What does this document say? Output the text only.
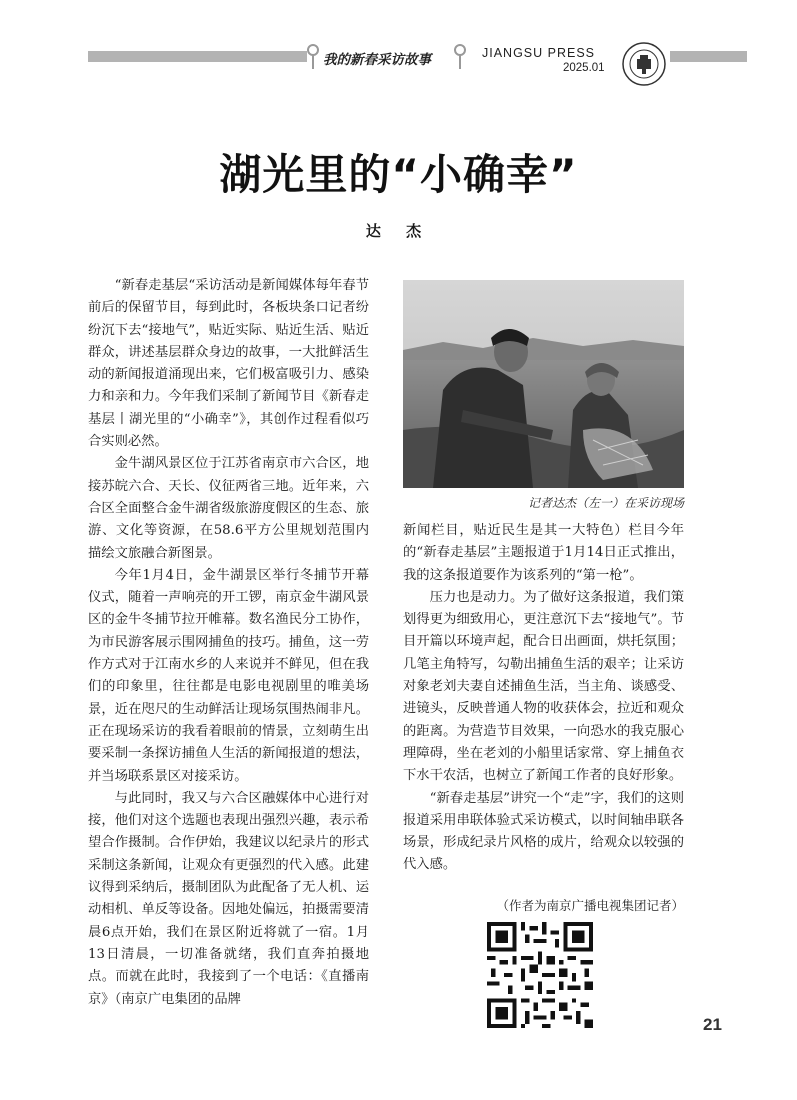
我的新春采访故事	JIANGSU PRESS
2025.01
湖光里的“小确幸”
达 杰

“新春走基层“采访活动是新闻媒体每年春节前后的保留节目，每到此时，各板块条口记者纷纷沉下去“接地气”，贴近实际、贴近生活、贴近群众，讲述基层群众身边的故事，一大批鲜活生动的新闻报道涌现出来，它们极富吸引力、感染力和亲和力。今年我们采制了新闻节目《新春走基层丨湖光里的“小确幸”》，其创作过程看似巧合实则必然。

金牛湖风景区位于江苏省南京市六合区，地接苏皖六合、天长、仪征两省三地。近年来，六合区全面整合金牛湖省级旅游度假区的生态、旅游、文化等资源，在58.6平方公里规划范围内描绘文旅融合新图景。

今年1月4日，金牛湖景区举行冬捕节开幕仪式，随着一声响亮的开工锣，南京金牛湖风景区的金牛冬捕节拉开帷幕。数名渔民分工协作，为市民游客展示围网捕鱼的技巧。捕鱼，这一劳作方式对于江南水乡的人来说并不鲜见，但在我们的印象里，往往都是电影电视剧里的唯美场景，近在咫尺的生动鲜活让现场氛围热闹非凡。正在现场采访的我看着眼前的情景，立刻萌生出要采制一条探访捕鱼人生活的新闻报道的想法，并当场联系景区对接采访。

与此同时，我又与六合区融媒体中心进行对接，他们对这个选题也表现出强烈兴趣，表示希望合作摄制。合作伊始，我建议以纪录片的形式采制这条新闻，让观众有更强烈的代入感。此建议得到采纳后，摄制团队为此配备了无人机、运动相机、单反等设备。因地处偏远，拍摄需要清晨6点开始，我们在景区附近将就了一宿。1月13日清晨，一切准备就绪，我们直奔拍摄地点。而就在此时，我接到了一个电话：《直播南京》（南京广电集团的品牌

记者达杰（左一）在采访现场

新闻栏目，贴近民生是其一大特色）栏目今年的“新春走基层”主题报道于1月14日正式推出，我的这条报道要作为该系列的“第一枪”。

压力也是动力。为了做好这条报道，我们策划得更为细致用心，更注意沉下去“接地气”。节目开篇以环境声起，配合日出画面，烘托氛围；几笔主角特写，勾勒出捕鱼生活的艰辛；让采访对象老刘夫妻自述捕鱼生活，当主角、谈感受、进镜头，反映普通人物的收获体会，拉近和观众的距离。为营造节目效果，一向恐水的我克服心理障碍，坐在老刘的小船里话家常、穿上捕鱼衣下水干农活，也树立了新闻工作者的良好形象。

“新春走基层”讲究一个“走”字，我们的这则报道采用串联体验式采访模式，以时间轴串联各场景，形成纪录片风格的成片，给观众以较强的代入感。

（作者为南京广播电视集团记者）
21
